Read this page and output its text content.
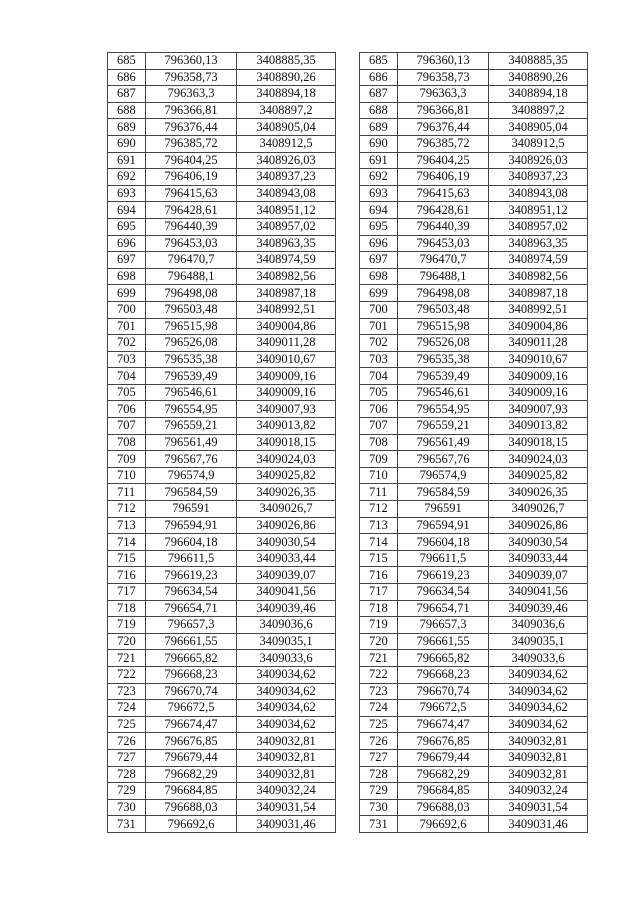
685	796360,13	3408885,35
686	796358,73	3408890,26
687	796363,3	3408894,18
688	796366,81	3408897,2
689	796376,44	3408905,04
690	796385,72	3408912,5
691	796404,25	3408926,03
692	796406,19	3408937,23
693	796415,63	3408943,08
694	796428,61	3408951,12
695	796440,39	3408957,02
696	796453,03	3408963,35
697	796470,7	3408974,59
698	796488,1	3408982,56
699	796498,08	3408987,18
700	796503,48	3408992,51
701	796515,98	3409004,86
702	796526,08	3409011,28
703	796535,38	3409010,67
704	796539,49	3409009,16
705	796546,61	3409009,16
706	796554,95	3409007,93
707	796559,21	3409013,82
708	796561,49	3409018,15
709	796567,76	3409024,03
710	796574,9	3409025,82
711	796584,59	3409026,35
712	796591	3409026,7
713	796594,91	3409026,86
714	796604,18	3409030,54
715	796611,5	3409033,44
716	796619,23	3409039,07
717	796634,54	3409041,56
718	796654,71	3409039,46
719	796657,3	3409036,6
720	796661,55	3409035,1
721	796665,82	3409033,6
722	796668,23	3409034,62
723	796670,74	3409034,62
724	796672,5	3409034,62
725	796674,47	3409034,62
726	796676,85	3409032,81
727	796679,44	3409032,81
728	796682,29	3409032,81
729	796684,85	3409032,24
730	796688,03	3409031,54
731	796692,6	3409031,46
685	796360,13	3408885,35
686	796358,73	3408890,26
687	796363,3	3408894,18
688	796366,81	3408897,2
689	796376,44	3408905,04
690	796385,72	3408912,5
691	796404,25	3408926,03
692	796406,19	3408937,23
693	796415,63	3408943,08
694	796428,61	3408951,12
695	796440,39	3408957,02
696	796453,03	3408963,35
697	796470,7	3408974,59
698	796488,1	3408982,56
699	796498,08	3408987,18
700	796503,48	3408992,51
701	796515,98	3409004,86
702	796526,08	3409011,28
703	796535,38	3409010,67
704	796539,49	3409009,16
705	796546,61	3409009,16
706	796554,95	3409007,93
707	796559,21	3409013,82
708	796561,49	3409018,15
709	796567,76	3409024,03
710	796574,9	3409025,82
711	796584,59	3409026,35
712	796591	3409026,7
713	796594,91	3409026,86
714	796604,18	3409030,54
715	796611,5	3409033,44
716	796619,23	3409039,07
717	796634,54	3409041,56
718	796654,71	3409039,46
719	796657,3	3409036,6
720	796661,55	3409035,1
721	796665,82	3409033,6
722	796668,23	3409034,62
723	796670,74	3409034,62
724	796672,5	3409034,62
725	796674,47	3409034,62
726	796676,85	3409032,81
727	796679,44	3409032,81
728	796682,29	3409032,81
729	796684,85	3409032,24
730	796688,03	3409031,54
731	796692,6	3409031,46
